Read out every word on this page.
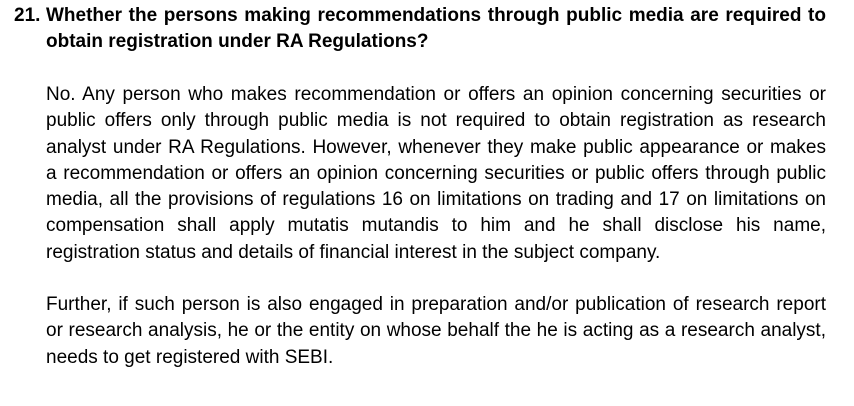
21. Whether the persons making recommendations through public media are required to obtain registration under RA Regulations?

No. Any person who makes recommendation or offers an opinion concerning securities or public offers only through public media is not required to obtain registration as research analyst under RA Regulations. However, whenever they make public appearance or makes a recommendation or offers an opinion concerning securities or public offers through public media, all the provisions of regulations 16 on limitations on trading and 17 on limitations on compensation shall apply mutatis mutandis to him and he shall disclose his name, registration status and details of financial interest in the subject company.

Further, if such person is also engaged in preparation and/or publication of research report or research analysis, he or the entity on whose behalf the he is acting as a research analyst, needs to get registered with SEBI.
